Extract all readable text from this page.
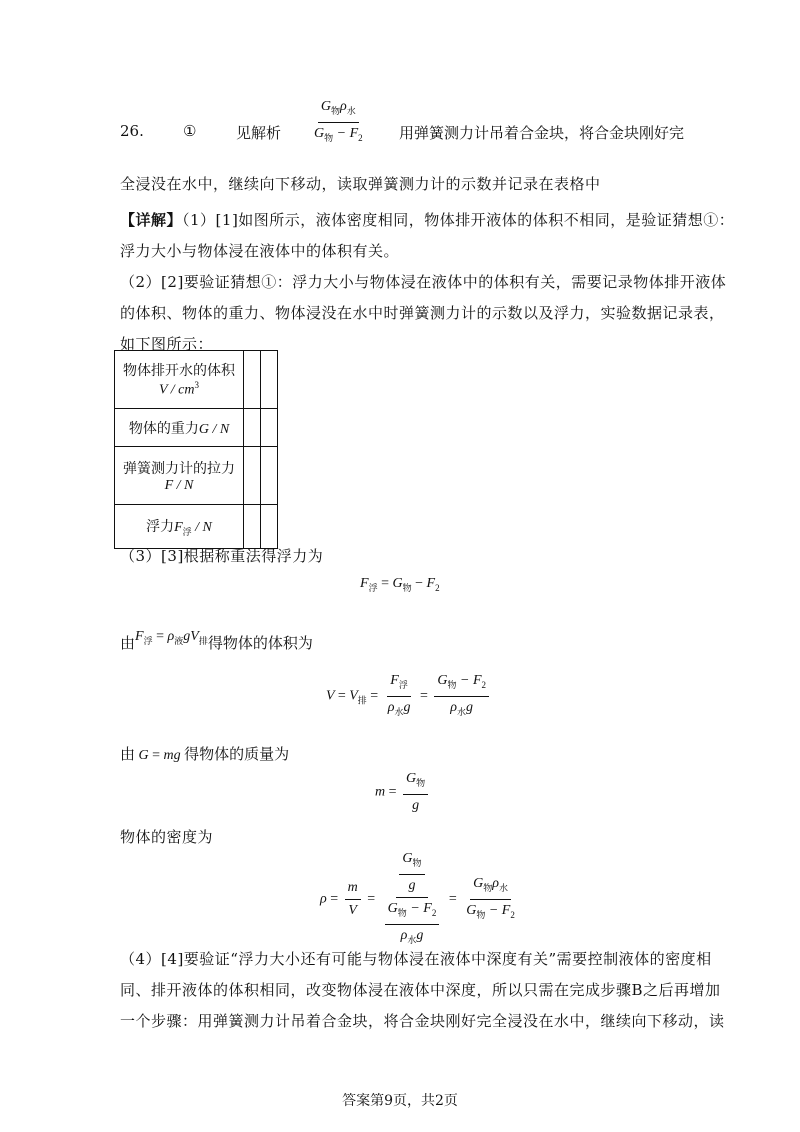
26.	①	见解析 $\frac{G_物\rho_水}{G_物 - F_2}$ 用弹簧测力计吊着合金块，将合金块刚好完
全浸没在水中，继续向下移动，读取弹簧测力计的示数并记录在表格中
【详解】（1）[1]如图所示，液体密度相同，物体排开液体的体积不相同，是验证猜想①：
浮力大小与物体浸在液体中的体积有关。
（2）[2]要验证猜想①：浮力大小与物体浸在液体中的体积有关，需要记录物体排开液体
的体积、物体的重力、物体浸没在水中时弹簧测力计的示数以及浮力，实验数据记录表，
如下图所示：
物体排开水的体积
V / $cm^3$

物体的重力G / N		

弹簧测力计的拉力
F / N		

浮力$F_浮$ / N		
（3）[3]根据称重法得浮力为
$F_浮 = G_物 - F_2$
由$F_浮 = \rho_液gV_排$得物体的体积为
$V = V_排 = \frac{F_浮}{\rho_水g} = \frac{G_物 - F_2}{\rho_水g}$
由 G = mg 得物体的质量为
$m = \frac{G_物}{g}$
物体的密度为
$\rho = \frac{m}{V} = \frac{\frac{G_物}{g}}{\frac{G_物 - F_2}{\rho_水g}} = \frac{G_物\rho_水}{G_物 - F_2}$
（4）[4]要验证“浮力大小还有可能与物体浸在液体中深度有关”需要控制液体的密度相
同、排开液体的体积相同，改变物体浸在液体中深度，所以只需在完成步骤B之后再增加
一个步骤：用弹簧测力计吊着合金块，将合金块刚好完全浸没在水中，继续向下移动，读
答案第9页，共2页
